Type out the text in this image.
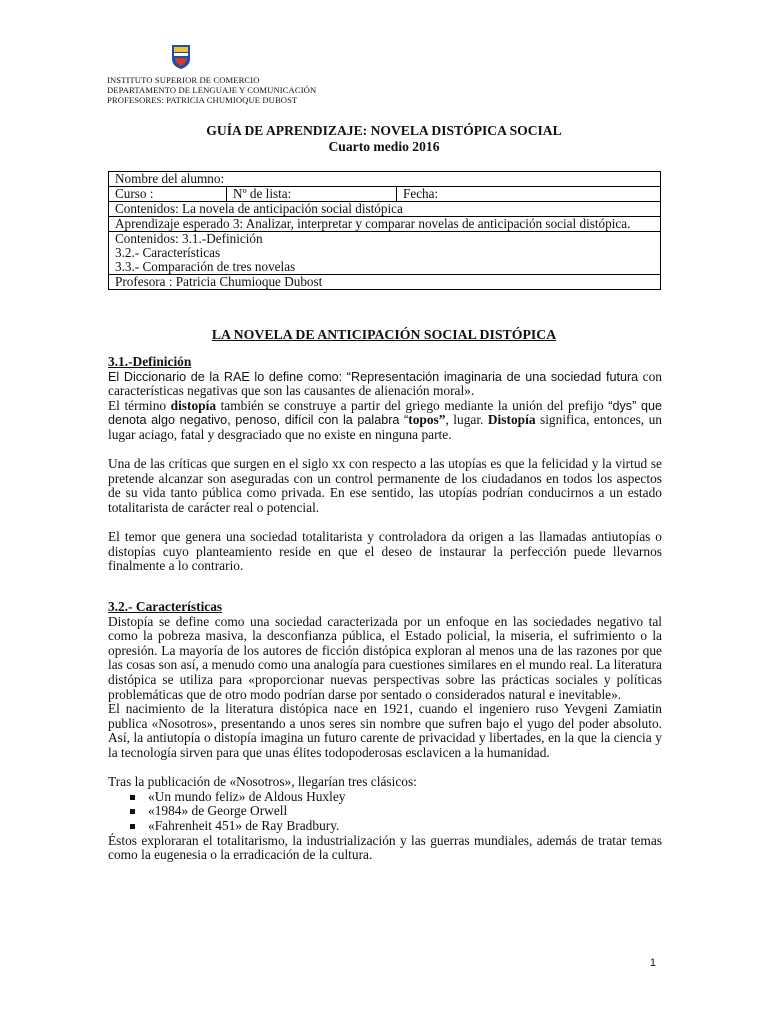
INSTITUTO SUPERIOR DE COMERCIO
DEPARTAMENTO DE LENGUAJE Y COMUNICACIÓN
PROFESORES: PATRICIA CHUMIOQUE DUBOST
GUÍA DE APRENDIZAJE: NOVELA DISTÓPICA SOCIAL
Cuarto medio 2016
Nombre del alumno:
Curso :	Nº de lista:	Fecha:
Contenidos: La novela de anticipación social distópica
Aprendizaje esperado 3: Analizar, interpretar y comparar novelas de anticipación social distópica.

Contenidos: 3.1.-Definición
3.2.- Características
3.3.- Comparación de tres novelas

Profesora : Patricia Chumioque Dubost
LA NOVELA DE ANTICIPACIÓN SOCIAL DISTÓPICA
3.1.-Definición

El Diccionario de la RAE lo define como: “Representación imaginaria de una sociedad futura con características negativas que son las causantes de alienación moral».

El término distopía también se construye a partir del griego mediante la unión del prefijo “dys” que denota algo negativo, penoso, difícil con la palabra “topos”, lugar. Distopía significa, entonces, un lugar aciago, fatal y desgraciado que no existe en ninguna parte.

Una de las críticas que surgen en el siglo xx con respecto a las utopías es que la felicidad y la virtud se pretende alcanzar son aseguradas con un control permanente de los ciudadanos en todos los aspectos de su vida tanto pública como privada. En ese sentido, las utopías podrían conducirnos a un estado totalitarista de carácter real o potencial.

El temor que genera una sociedad totalitarista y controladora da origen a las llamadas antiutopías o distopías cuyo planteamiento reside en que el deseo de instaurar la perfección puede llevarnos finalmente a lo contrario.

3.2.- Características

Distopía se define como una sociedad caracterizada por un enfoque en las sociedades negativo tal como la pobreza masiva, la desconfianza pública, el Estado policial, la miseria, el sufrimiento o la opresión. La mayoría de los autores de ficción distópica exploran al menos una de las razones por que las cosas son así, a menudo como una analogía para cuestiones similares en el mundo real. La literatura distópica se utiliza para «proporcionar nuevas perspectivas sobre las prácticas sociales y políticas problemáticas que de otro modo podrían darse por sentado o considerados natural e inevitable».

El nacimiento de la literatura distópica nace en 1921, cuando el ingeniero ruso Yevgeni Zamiatin publica «Nosotros», presentando a unos seres sin nombre que sufren bajo el yugo del poder absoluto. Así, la antiutopía o distopía imagina un futuro carente de privacidad y libertades, en la que la ciencia y la tecnología sirven para que unas élites todopoderosas esclavicen a la humanidad.

Tras la publicación de «Nosotros», llegarían tres clásicos:

«Un mundo feliz» de Aldous Huxley
«1984» de George Orwell
«Fahrenheit 451» de Ray Bradbury.

Éstos exploraran el totalitarismo, la industrialización y las guerras mundiales, además de tratar temas como la eugenesia o la erradicación de la cultura.

1
